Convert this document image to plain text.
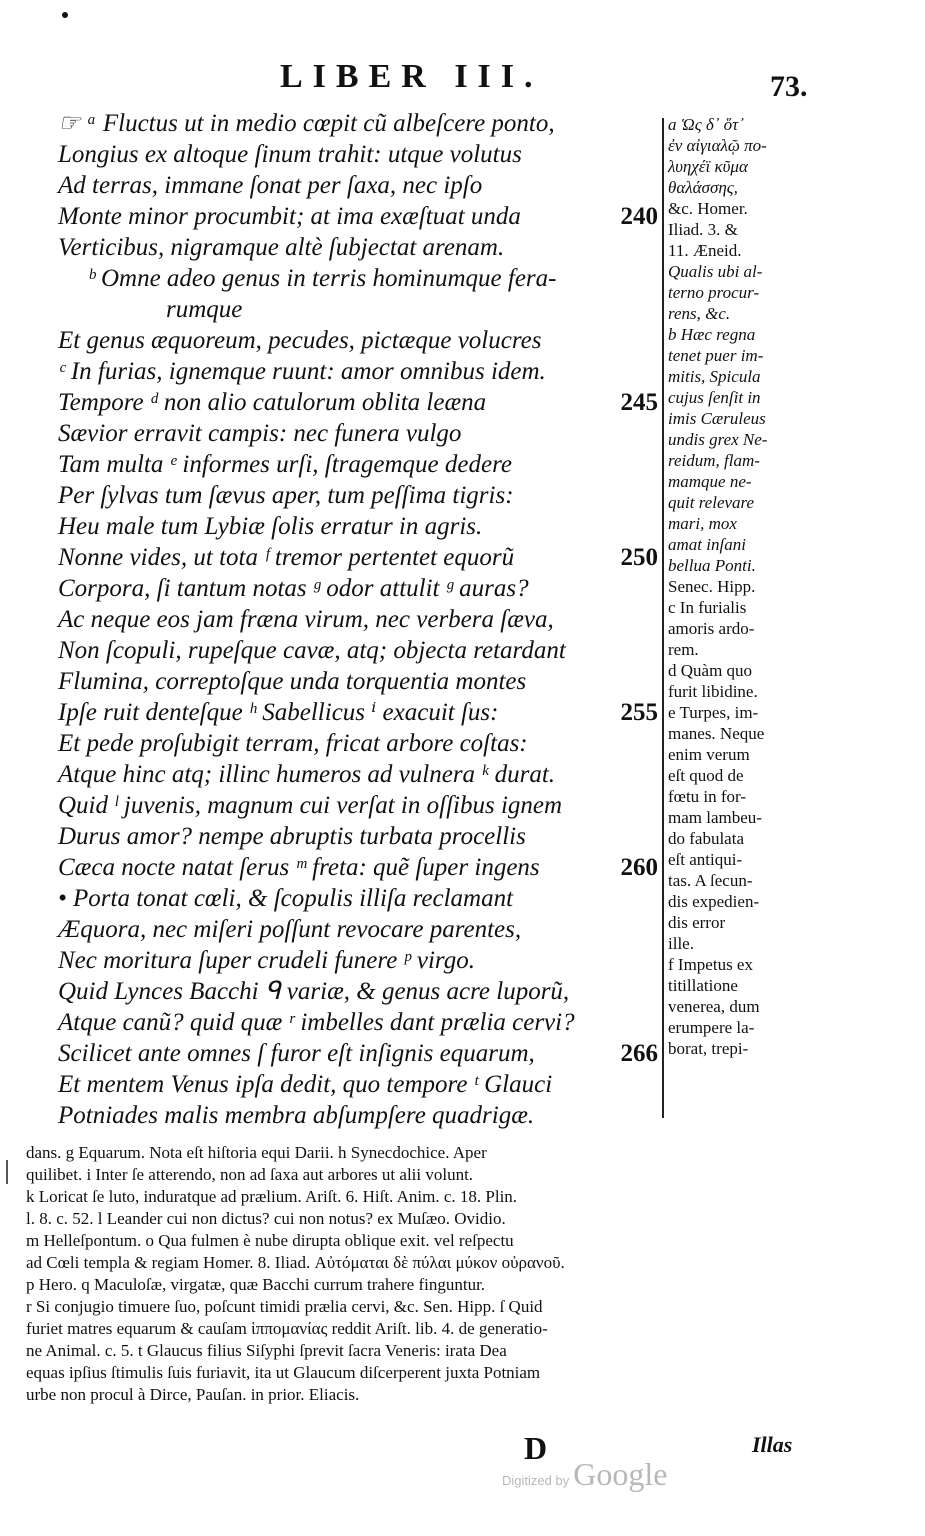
LIBER III.	73.
☞ ᵃ Fluctus ut in medio cœpit cũ albeſcere ponto,
Longius ex altoque ſinum trahit: utque volutus
Ad terras, immane ſonat per ſaxa, nec ipſo
Monte minor procumbit; at ima exæſtuat unda	240
Verticibus, nigramque altè ſubjectat arenam.
ᵇ Omne adeo genus in terris hominumque fera-
rumque
Et genus æquoreum, pecudes, pictæque volucres
ᶜ In furias, ignemque ruunt: amor omnibus idem.
Tempore ᵈ non alio catulorum oblita leæna	245
Sævior erravit campis: nec funera vulgo
Tam multa ᵉ informes urſi, ſtragemque dedere
Per ſylvas tum ſævus aper, tum peſſima tigris:
Heu male tum Lybiæ ſolis erratur in agris.
Nonne vides, ut tota ᶠ tremor pertentet equorũ	250
Corpora, ſi tantum notas ᵍ odor attulit ᵍ auras?
Ac neque eos jam fræna virum, nec verbera ſæva,
Non ſcopuli, rupeſque cavæ, atq; objecta retardant
Flumina, correptoſque unda torquentia montes
Ipſe ruit denteſque ʰ Sabellicus ⁱ exacuit ſus:	255
Et pede proſubigit terram, fricat arbore coſtas:
Atque hinc atq; illinc humeros ad vulnera ᵏ durat.
Quid ˡ juvenis, magnum cui verſat in oſſibus ignem
Durus amor? nempe abruptis turbata procellis
Cæca nocte natat ſerus ᵐ freta: quẽ ſuper ingens	260
• Porta tonat cœli, & ſcopulis illiſa reclamant
Æquora, nec miſeri poſſunt revocare parentes,
Nec moritura ſuper crudeli funere ᵖ virgo.
Quid Lynces Bacchi ᑫ variæ, & genus acre luporũ,
Atque canũ? quid quæ ʳ imbelles dant prælia cervi?
Scilicet ante omnes ſ furor eſt inſignis equarum,	266
Et mentem Venus ipſa dedit, quo tempore ᵗ Glauci
Potniades malis membra abſumpſere quadrigæ.
a Ὡς δ᾽ ὅτ᾽
ἐν αἰγιαλῷ πο-
λυηχέϊ κῦμα
θαλάσσης,
&c. Homer.
Iliad. 3. &
11. Æneid.
Qualis ubi al-
terno procur-
rens, &c.
b Hæc regna
tenet puer im-
mitis, Spicula
cujus ſenſit in
imis Cæruleus
undis grex Ne-
reidum, flam-
mamque ne-
quit relevare
mari, mox
amat inſani
bellua Ponti.
Senec. Hipp.
c In furialis
amoris ardo-
rem.
d Quàm quo
furit libidine.
e Turpes, im-
manes. Neque
enim verum
eſt quod de
fœtu in for-
mam lambeu-
do fabulata
eſt antiqui-
tas. A ſecun-
dis expedien-
dis error
ille.
f Impetus ex
titillatione
venerea, dum
erumpere la-
borat, trepi-
dans. g Equarum. Nota eſt hiſtoria equi Darii. h Synecdochice. Aper
quilibet. i Inter ſe atterendo, non ad ſaxa aut arbores ut alii volunt.
k Loricat ſe luto, induratque ad prælium. Ariſt. 6. Hiſt. Anim. c. 18. Plin.
l. 8. c. 52. l Leander cui non dictus? cui non notus? ex Muſæo. Ovidio.
m Helleſpontum. o Qua fulmen è nube dirupta oblique exit. vel reſpectu
ad Cœli templa & regiam Homer. 8. Iliad. Αὐτόμαται δὲ πύλαι μύκον οὐρανοῦ.
p Hero. q Maculoſæ, virgatæ, quæ Bacchi currum trahere finguntur.
r Si conjugio timuere ſuo, poſcunt timidi prælia cervi, &c. Sen. Hipp. ſ Quid
furiet matres equarum & cauſam ἱππομανίας reddit Ariſt. lib. 4. de generatio-
ne Animal. c. 5. t Glaucus filius Siſyphi ſprevit ſacra Veneris: irata Dea
equas ipſius ſtimulis ſuis furiavit, ita ut Glaucum diſcerperent juxta Potniam
urbe non procul à Dirce, Pauſan. in prior. Eliacis.
D	Illas
Digitized by Google
